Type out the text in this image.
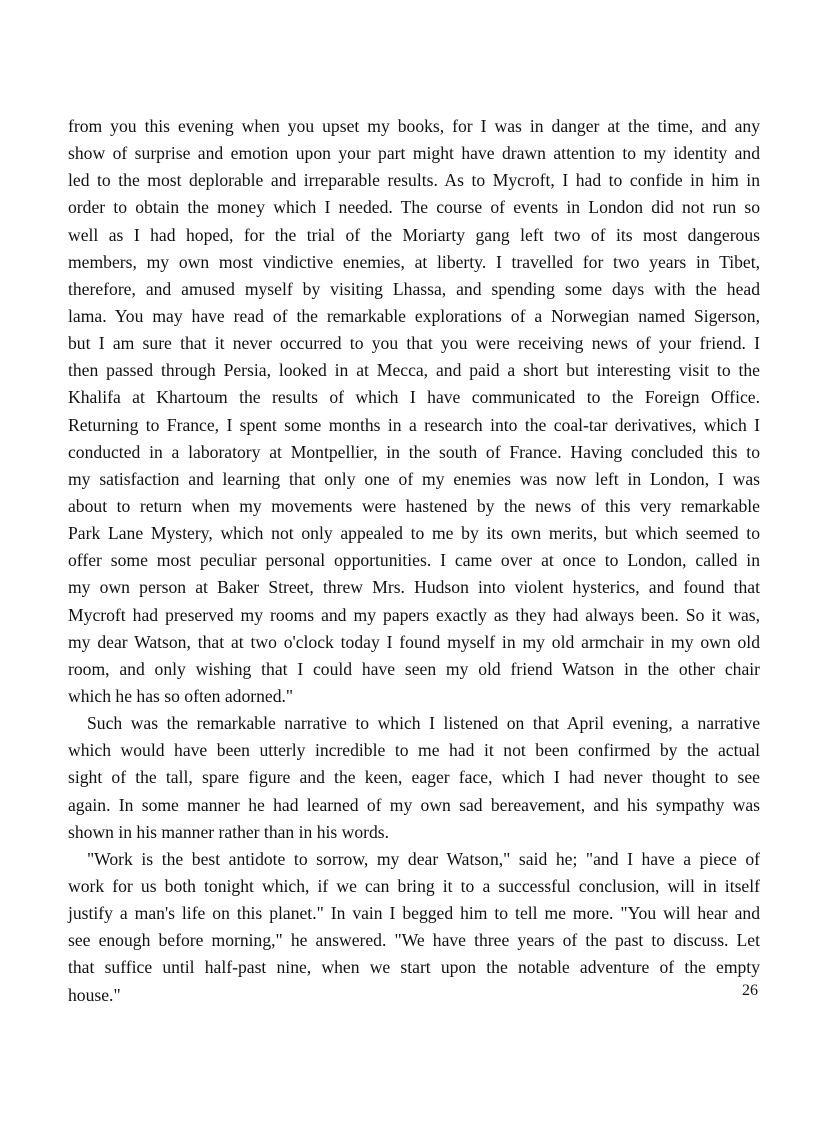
from you this evening when you upset my books, for I was in danger at the time, and any
show of surprise and emotion upon your part might have drawn attention to my identity and
led to the most deplorable and irreparable results. As to Mycroft, I had to confide in him in
order to obtain the money which I needed. The course of events in London did not run so
well as I had hoped, for the trial of the Moriarty gang left two of its most dangerous
members, my own most vindictive enemies, at liberty. I travelled for two years in Tibet,
therefore, and amused myself by visiting Lhassa, and spending some days with the head
lama. You may have read of the remarkable explorations of a Norwegian named Sigerson,
but I am sure that it never occurred to you that you were receiving news of your friend. I
then passed through Persia, looked in at Mecca, and paid a short but interesting visit to the
Khalifa at Khartoum the results of which I have communicated to the Foreign Office.
Returning to France, I spent some months in a research into the coal-tar derivatives, which I
conducted in a laboratory at Montpellier, in the south of France. Having concluded this to
my satisfaction and learning that only one of my enemies was now left in London, I was
about to return when my movements were hastened by the news of this very remarkable
Park Lane Mystery, which not only appealed to me by its own merits, but which seemed to
offer some most peculiar personal opportunities. I came over at once to London, called in
my own person at Baker Street, threw Mrs. Hudson into violent hysterics, and found that
Mycroft had preserved my rooms and my papers exactly as they had always been. So it was,
my dear Watson, that at two o'clock today I found myself in my old armchair in my own old
room, and only wishing that I could have seen my old friend Watson in the other chair
which he has so often adorned."
Such was the remarkable narrative to which I listened on that April evening, a narrative
which would have been utterly incredible to me had it not been confirmed by the actual
sight of the tall, spare figure and the keen, eager face, which I had never thought to see
again. In some manner he had learned of my own sad bereavement, and his sympathy was
shown in his manner rather than in his words.
"Work is the best antidote to sorrow, my dear Watson," said he; "and I have a piece of
work for us both tonight which, if we can bring it to a successful conclusion, will in itself
justify a man's life on this planet." In vain I begged him to tell me more. "You will hear and
see enough before morning," he answered. "We have three years of the past to discuss. Let
that suffice until half-past nine, when we start upon the notable adventure of the empty
house."	26
